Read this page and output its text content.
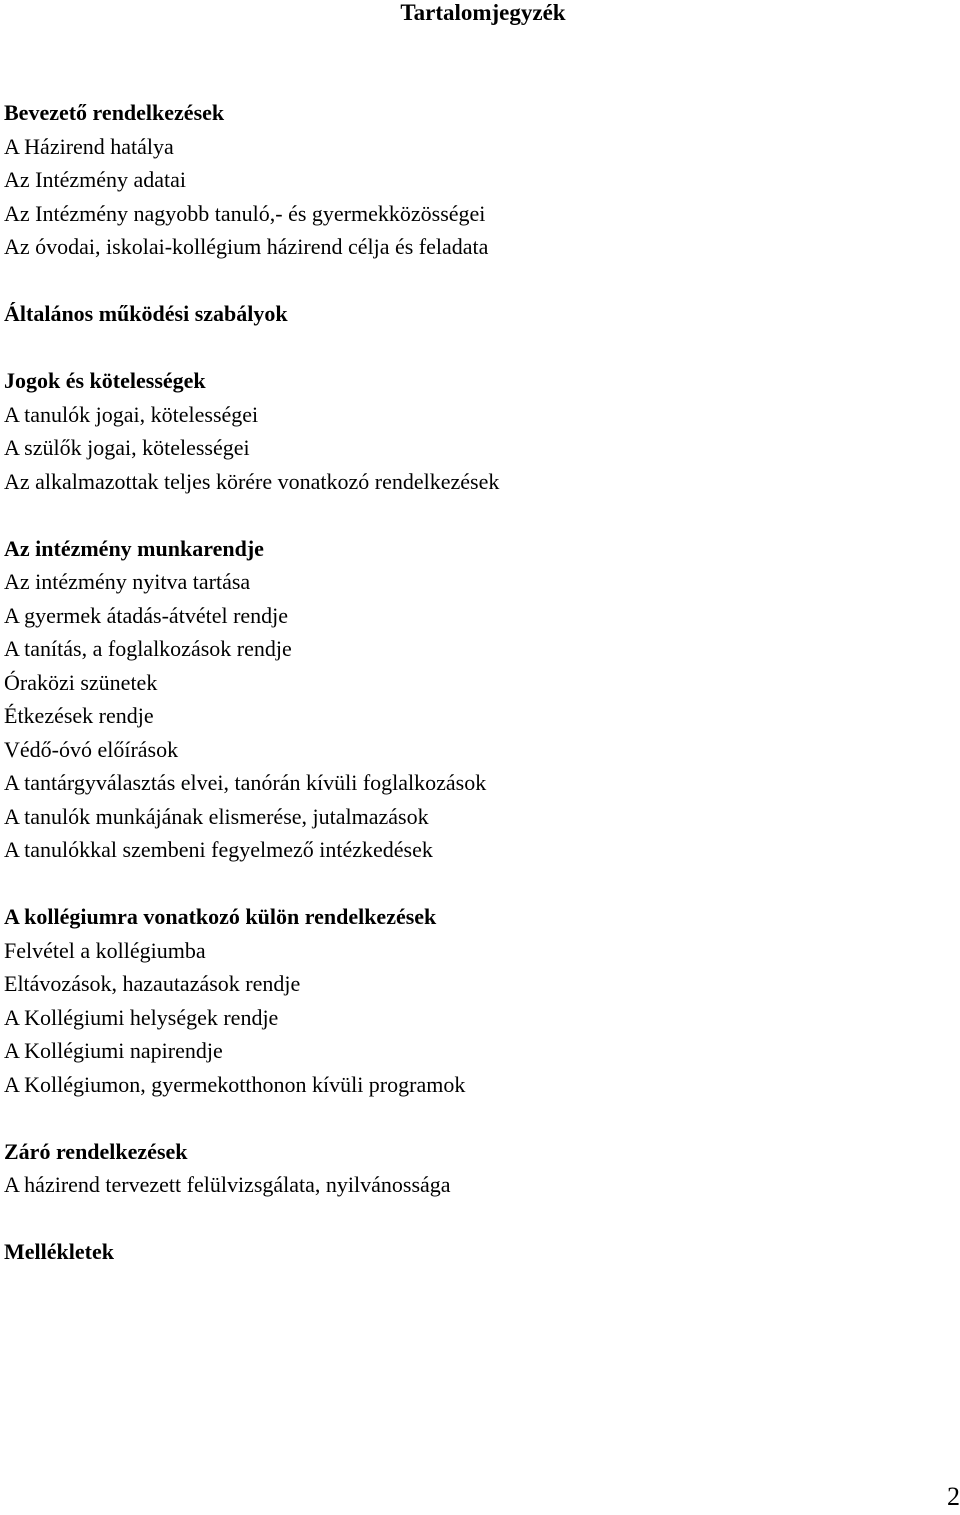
Tartalomjegyzék
Bevezető rendelkezések
A Házirend hatálya
Az Intézmény adatai
Az Intézmény nagyobb tanuló,- és gyermekközösségei
Az óvodai, iskolai-kollégium házirend célja és feladata
Általános működési szabályok
Jogok és kötelességek
A tanulók jogai, kötelességei
A szülők jogai, kötelességei
Az alkalmazottak teljes körére vonatkozó rendelkezések
Az intézmény munkarendje
Az intézmény nyitva tartása
A gyermek átadás-átvétel rendje
A tanítás, a foglalkozások rendje
Óraközi szünetek
Étkezések rendje
Védő-óvó előírások
A tantárgyválasztás elvei, tanórán kívüli foglalkozások
A tanulók munkájának elismerése, jutalmazások
A tanulókkal szembeni fegyelmező intézkedések
A kollégiumra vonatkozó külön rendelkezések
Felvétel a kollégiumba
Eltávozások, hazautazások rendje
A Kollégiumi helységek rendje
A Kollégiumi napirendje
A Kollégiumon, gyermekotthonon kívüli programok
Záró rendelkezések
A házirend tervezett felülvizsgálata, nyilvánossága
Mellékletek
2
